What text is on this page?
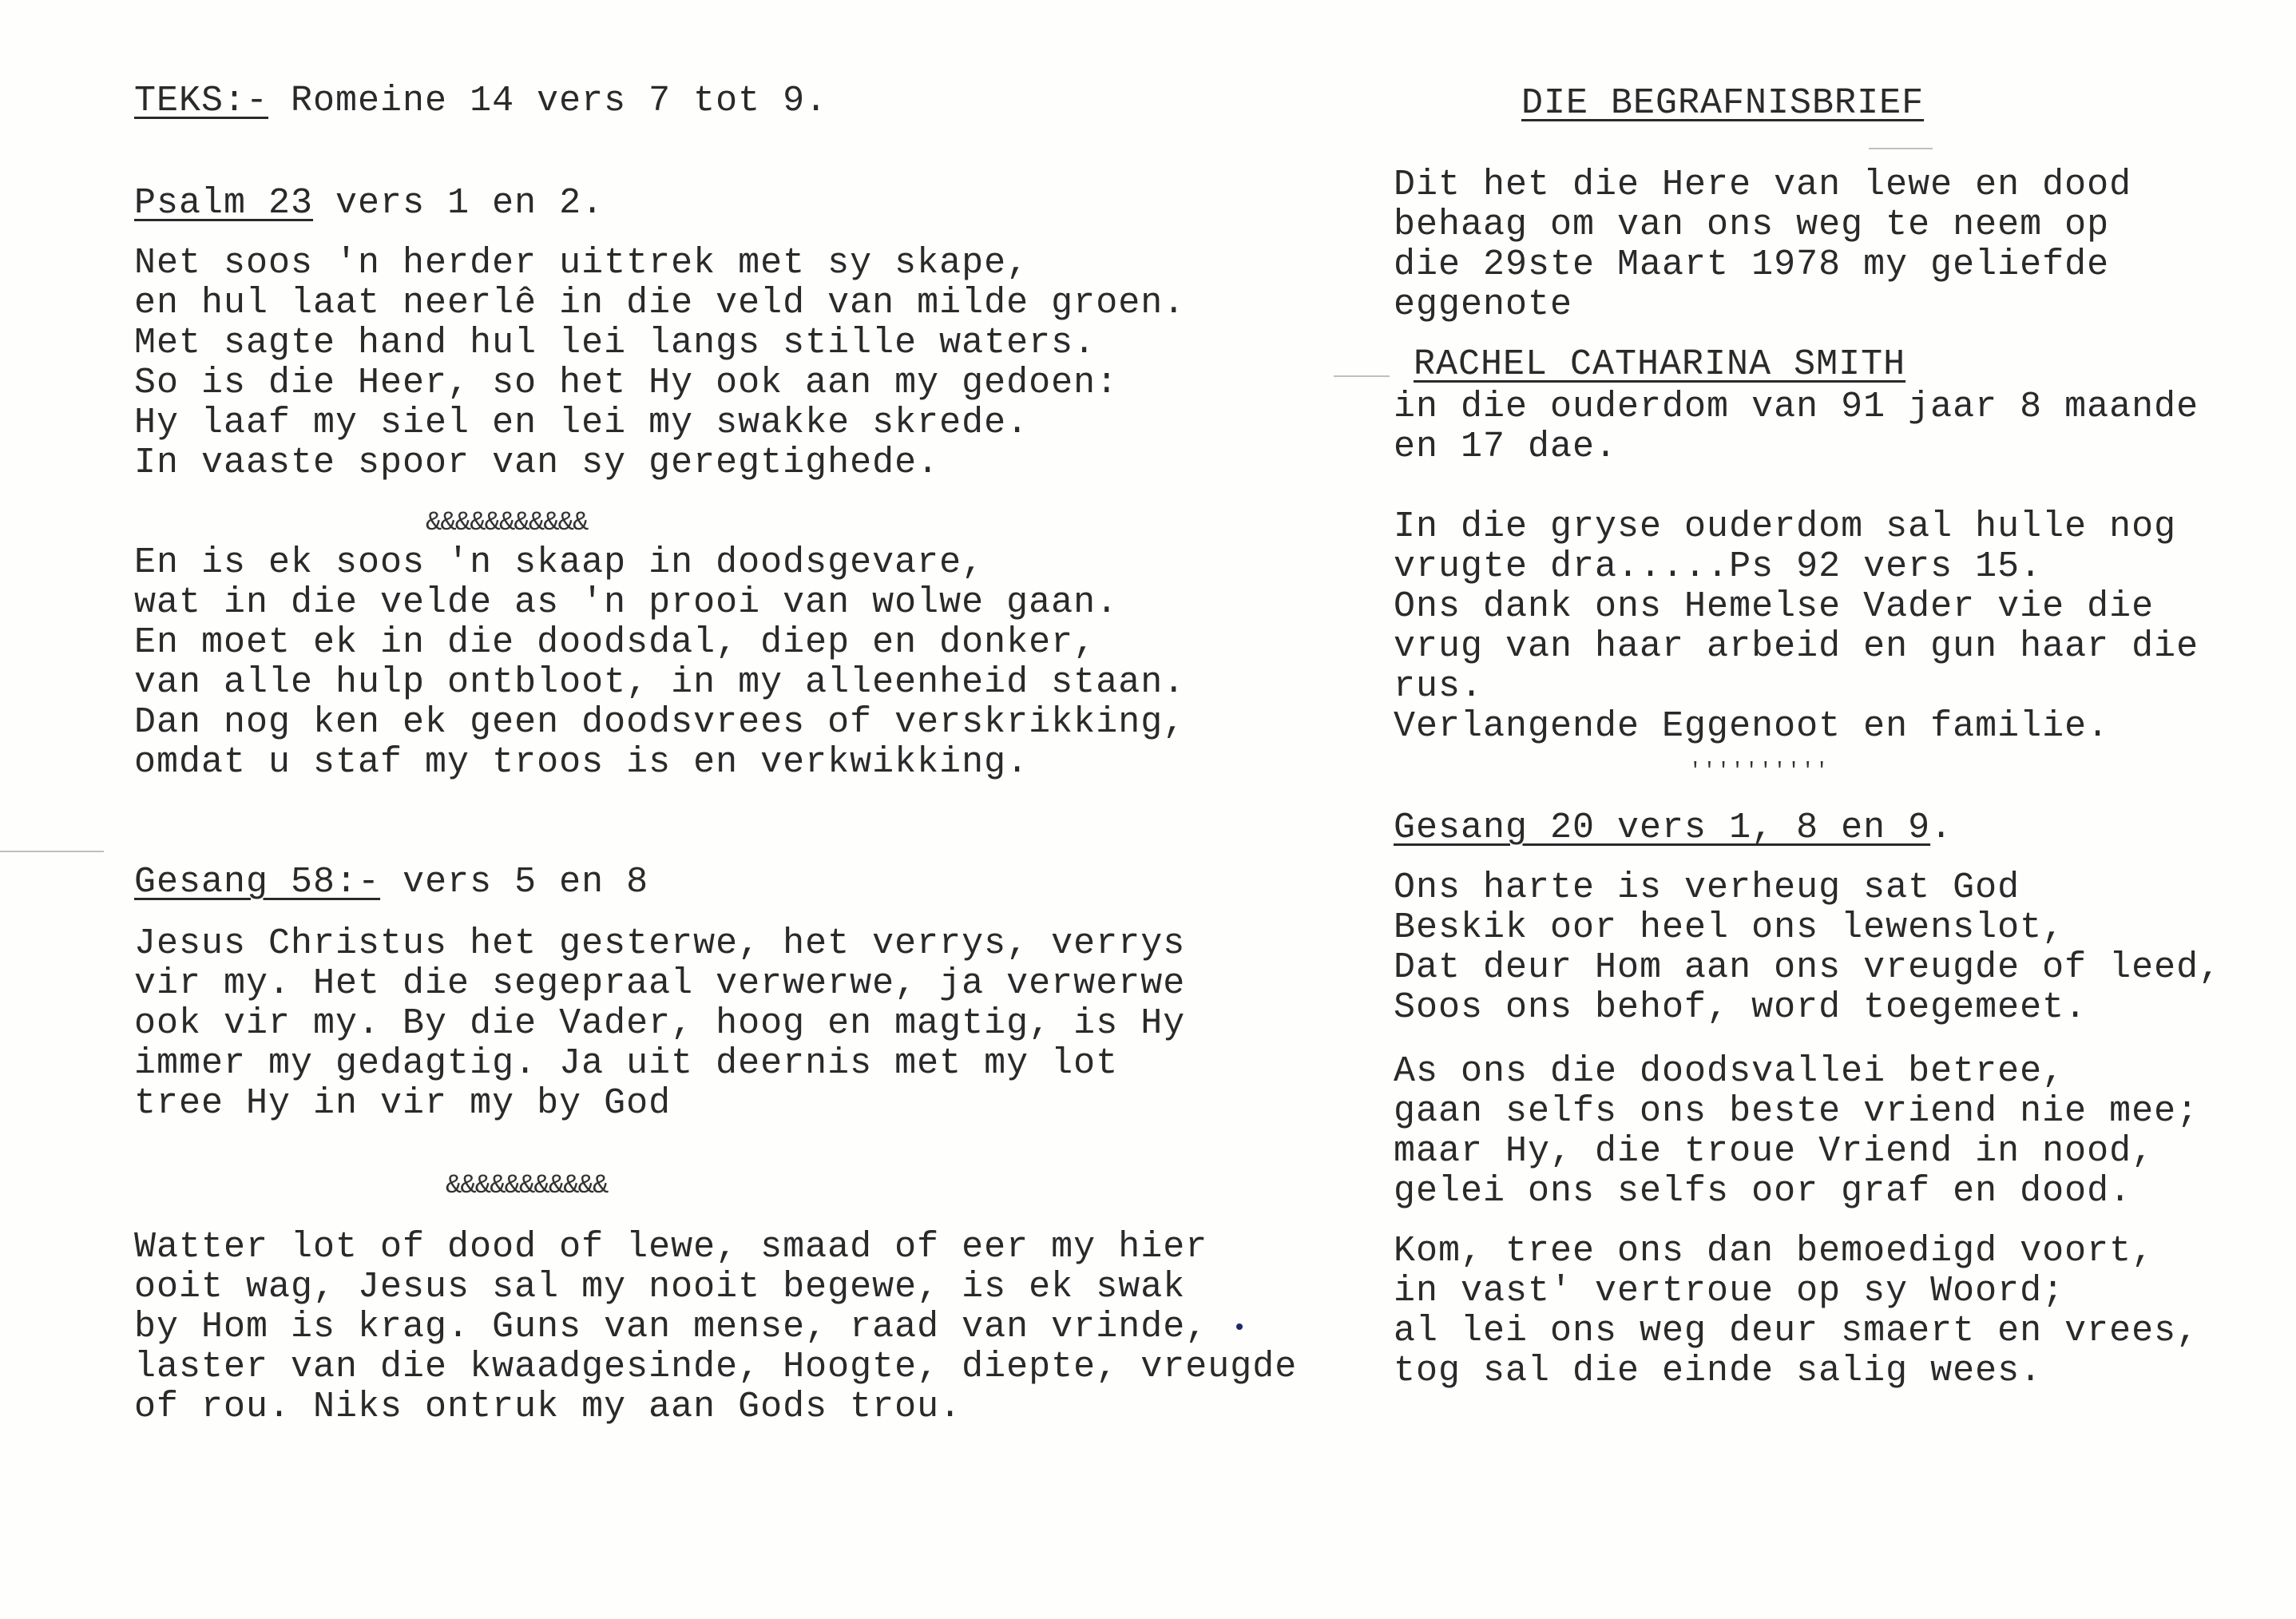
TEKS:- Romeine 14 vers 7 tot 9.

Psalm 23 vers 1 en 2.

Net soos 'n herder uittrek met sy skape,

en hul laat neerlê in die veld van milde groen.

Met sagte hand hul lei langs stille waters.

So is die Heer, so het Hy ook aan my gedoen:

Hy laaf my siel en lei my swakke skrede.

In vaaste spoor van sy geregtighede.

&&&&&&&&&&&

En is ek soos 'n skaap in doodsgevare,

wat in die velde as 'n prooi van wolwe gaan.

En moet ek in die doodsdal, diep en donker,

van alle hulp ontbloot, in my alleenheid staan.

Dan nog ken ek geen doodsvrees of verskrikking,

omdat u staf my troos is en verkwikking.

Gesang 58:- vers 5 en 8

Jesus Christus het gesterwe, het verrys, verrys

vir my. Het die segepraal verwerwe, ja verwerwe

ook vir my. By die Vader, hoog en magtig, is Hy

immer my gedagtig. Ja uit deernis met my lot

tree Hy in vir my by God

&&&&&&&&&&&

Watter lot of dood of lewe, smaad of eer my hier

ooit wag, Jesus sal my nooit begewe, is ek swak

by Hom is krag. Guns van mense, raad van vrinde,

laster van die kwaadgesinde, Hoogte, diepte, vreugde

of rou. Niks ontruk my aan Gods trou.

DIE BEGRAFNISBRIEF

Dit het die Here van lewe en dood

behaag om van ons weg te neem op

die 29ste Maart 1978 my geliefde

eggenote

RACHEL CATHARINA SMITH

in die ouderdom van 91 jaar 8 maande

en 17 dae.

In die gryse ouderdom sal hulle nog

vrugte dra.....Ps 92 vers 15.

Ons dank ons Hemelse Vader vie die

vrug van haar arbeid en gun haar die

rus.

Verlangende Eggenoot en familie.

''''''''''

Gesang 20 vers 1, 8 en 9.

Ons harte is verheug sat God

Beskik oor heel ons lewenslot,

Dat deur Hom aan ons vreugde of leed,

Soos ons behof, word toegemeet.

As ons die doodsvallei betree,

gaan selfs ons beste vriend nie mee;

maar Hy, die troue Vriend in nood,

gelei ons selfs oor graf en dood.

Kom, tree ons dan bemoedigd voort,

in vast' vertroue op sy Woord;

al lei ons weg deur smaert en vrees,

tog sal die einde salig wees.
